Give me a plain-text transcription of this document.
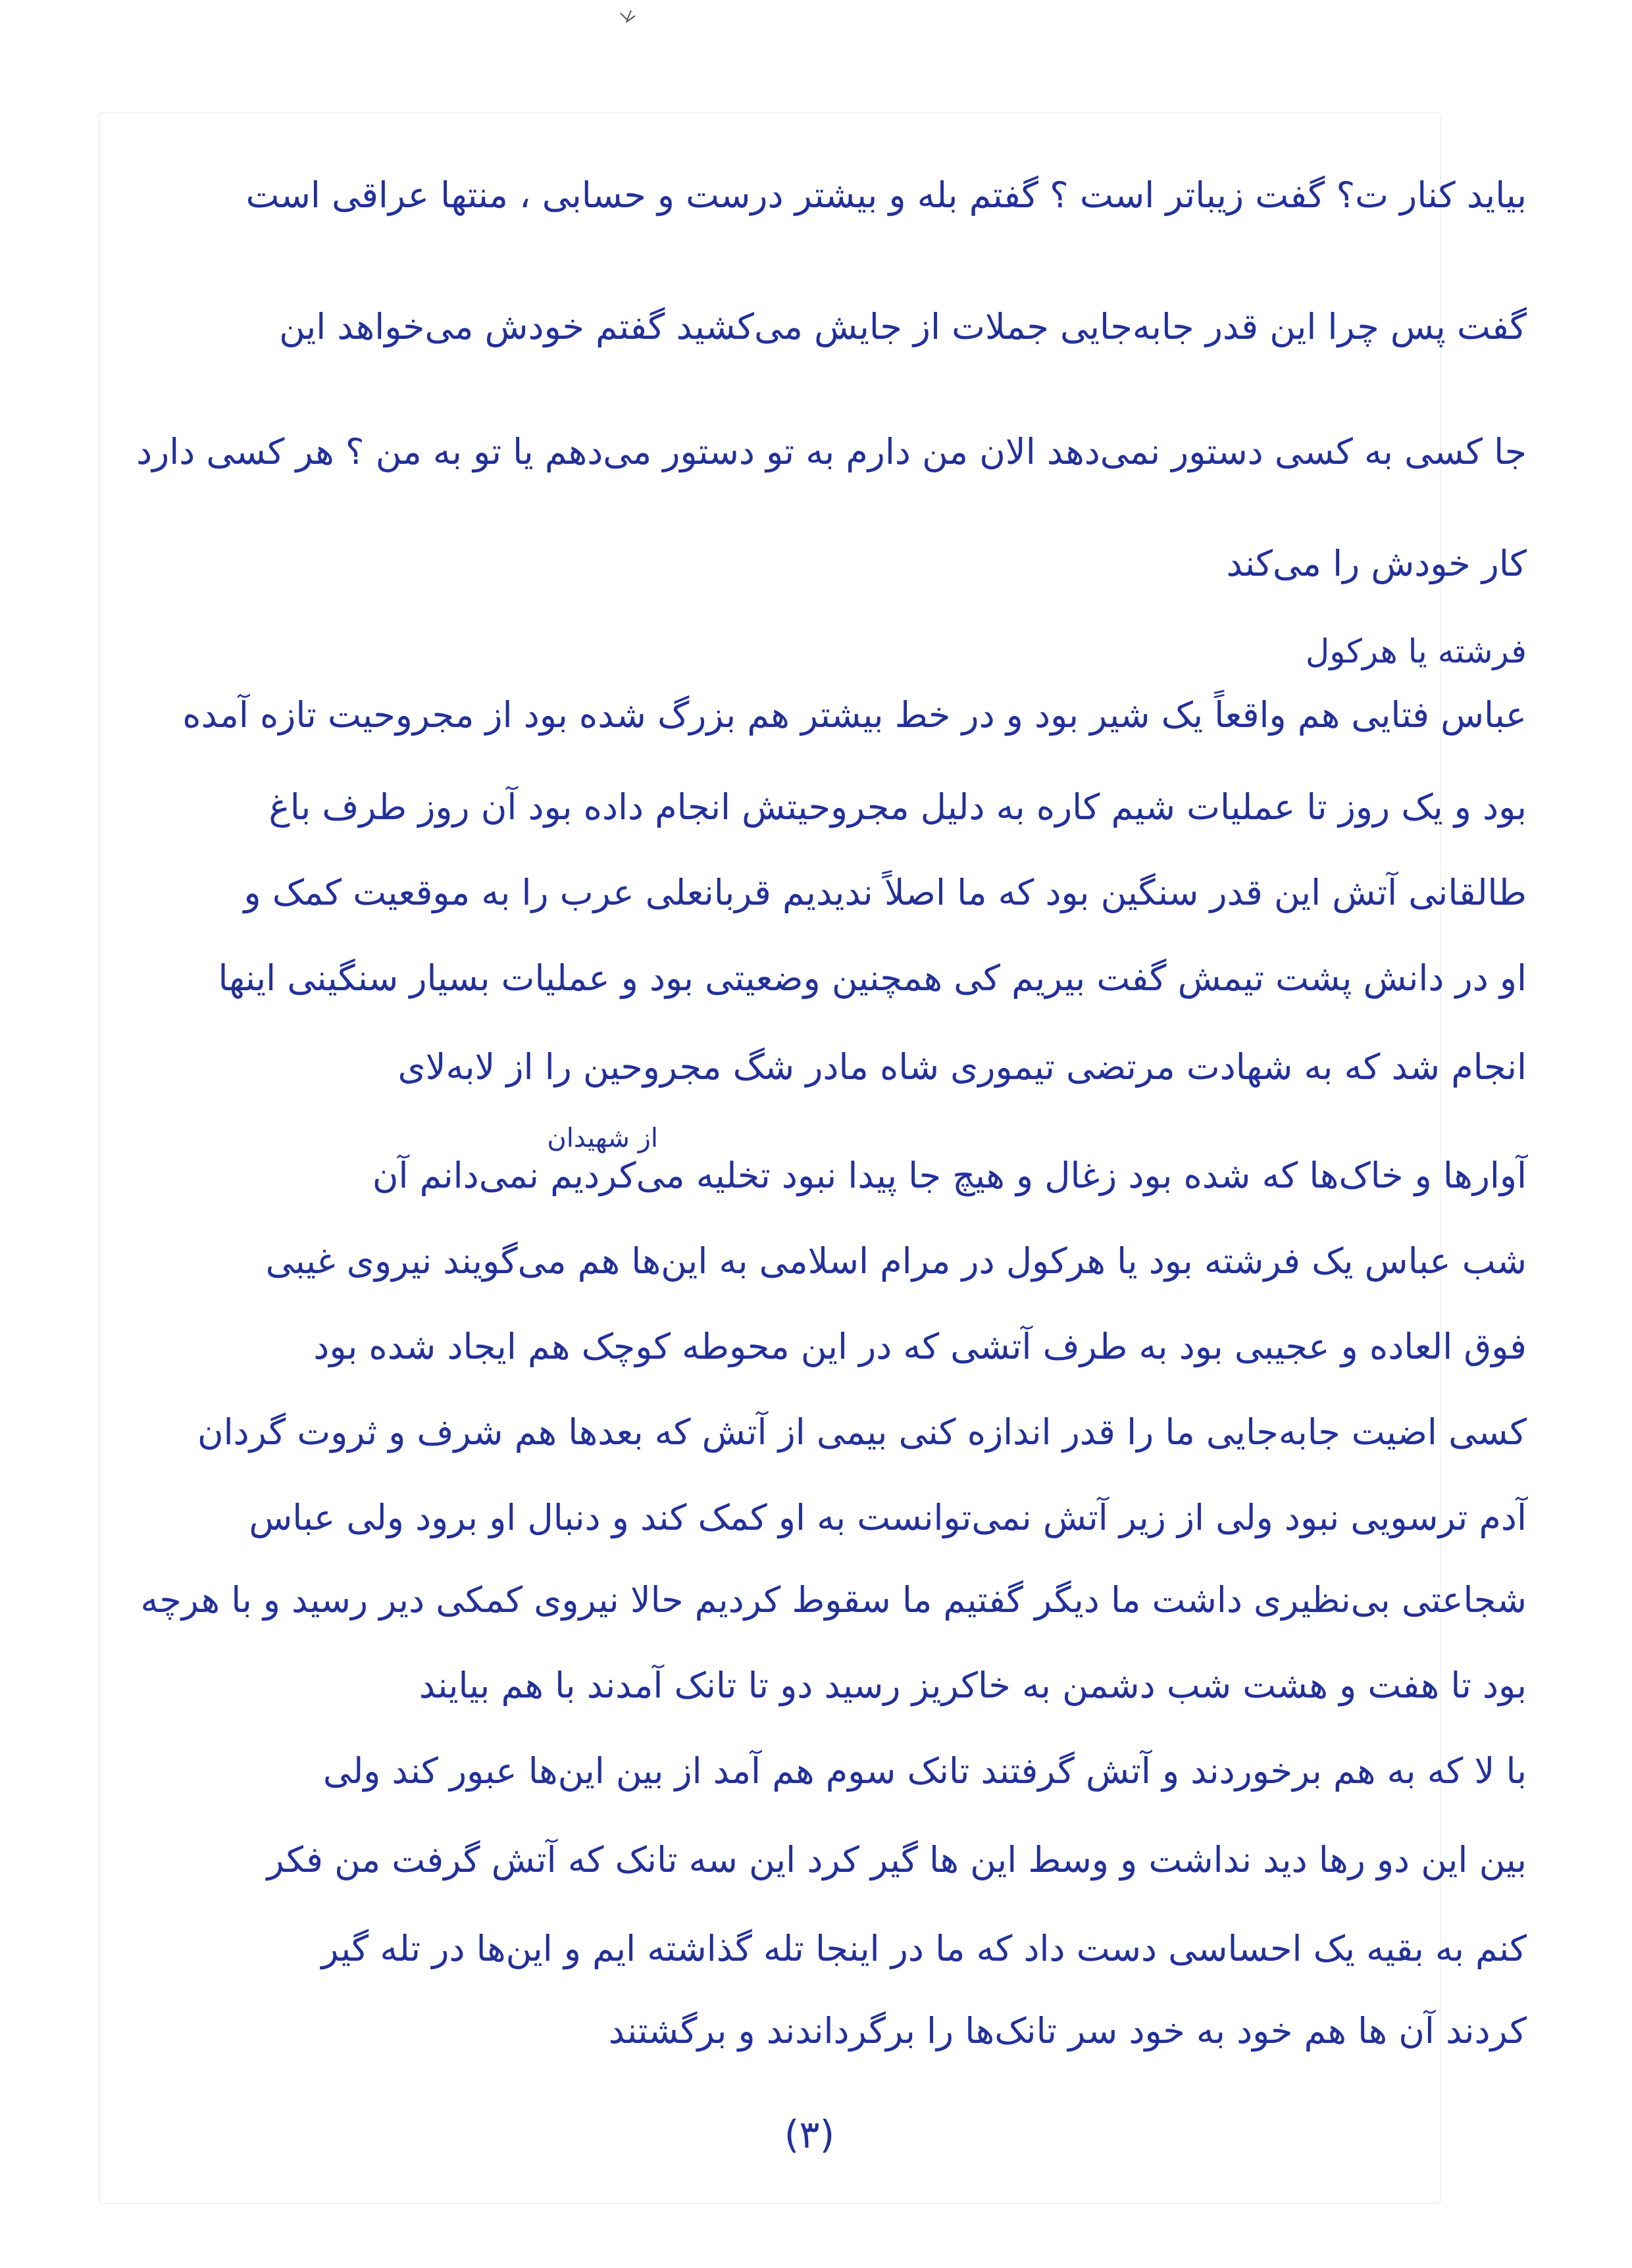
بیاید کنار ت؟ گفت زیباتر است ؟ گفتم بله و بیشتر درست و حسابی ، منتها عراقی است
گفت پس چرا این قدر جابه‌جایی جملات از جایش می‌کشید گفتم خودش می‌خواهد این
جا کسی به کسی دستور نمی‌دهد الان من دارم به تو دستور می‌دهم یا تو به من ؟ هر کسی دارد
کار خودش را می‌کند
فرشته یا هرکول
عباس فتایی هم واقعاً یک شیر بود و در خط بیشتر هم بزرگ شده بود از مجروحیت تازه آمده
بود و یک روز تا عملیات شیم کاره به دلیل مجروحیتش انجام داده بود آن روز طرف باغ
طالقانی آتش این قدر سنگین بود که ما اصلاً ندیدیم قربانعلی عرب را به موقعیت کمک و
او در دانش پشت تیمش گفت بیریم کی همچنین وضعیتی بود و عملیات بسیار سنگینی اینها
انجام شد که به شهادت مرتضی تیموری شاه مادر شگ مجروحین را از لابه‌لای
از شهیدان
آوارها و خاک‌ها که شده بود زغال و هیچ جا پیدا نبود تخلیه می‌کردیم نمی‌دانم آن
شب عباس یک فرشته بود یا هرکول در مرام اسلامی به این‌ها هم می‌گویند نیروی غیبی
فوق العاده و عجیبی بود به طرف آتشی که در این محوطه کوچک هم ایجاد شده بود
کسی اضیت جابه‌جایی ما را قدر اندازه کنی بیمی از آتش که بعدها هم شرف و ثروت گردان
آدم ترسویی نبود ولی از زیر آتش نمی‌توانست به او کمک کند و دنبال او برود ولی عباس
شجاعتی بی‌نظیری داشت ما دیگر گفتیم ما سقوط کردیم حالا نیروی کمکی دیر رسید و با هرچه
بود تا هفت و هشت شب دشمن به خاکریز رسید دو تا تانک آمدند با هم بیایند
با لا که به هم برخوردند و آتش گرفتند تانک سوم هم آمد از بین این‌ها عبور کند ولی
بین این دو رها دید نداشت و وسط این ها گیر کرد این سه تانک که آتش گرفت من فکر
کنم به بقیه یک احساسی دست داد که ما در اینجا تله گذاشته ایم و این‌ها در تله گیر
کردند آن ها هم خود به خود سر تانک‌ها را برگرداندند و برگشتند
(۳)
